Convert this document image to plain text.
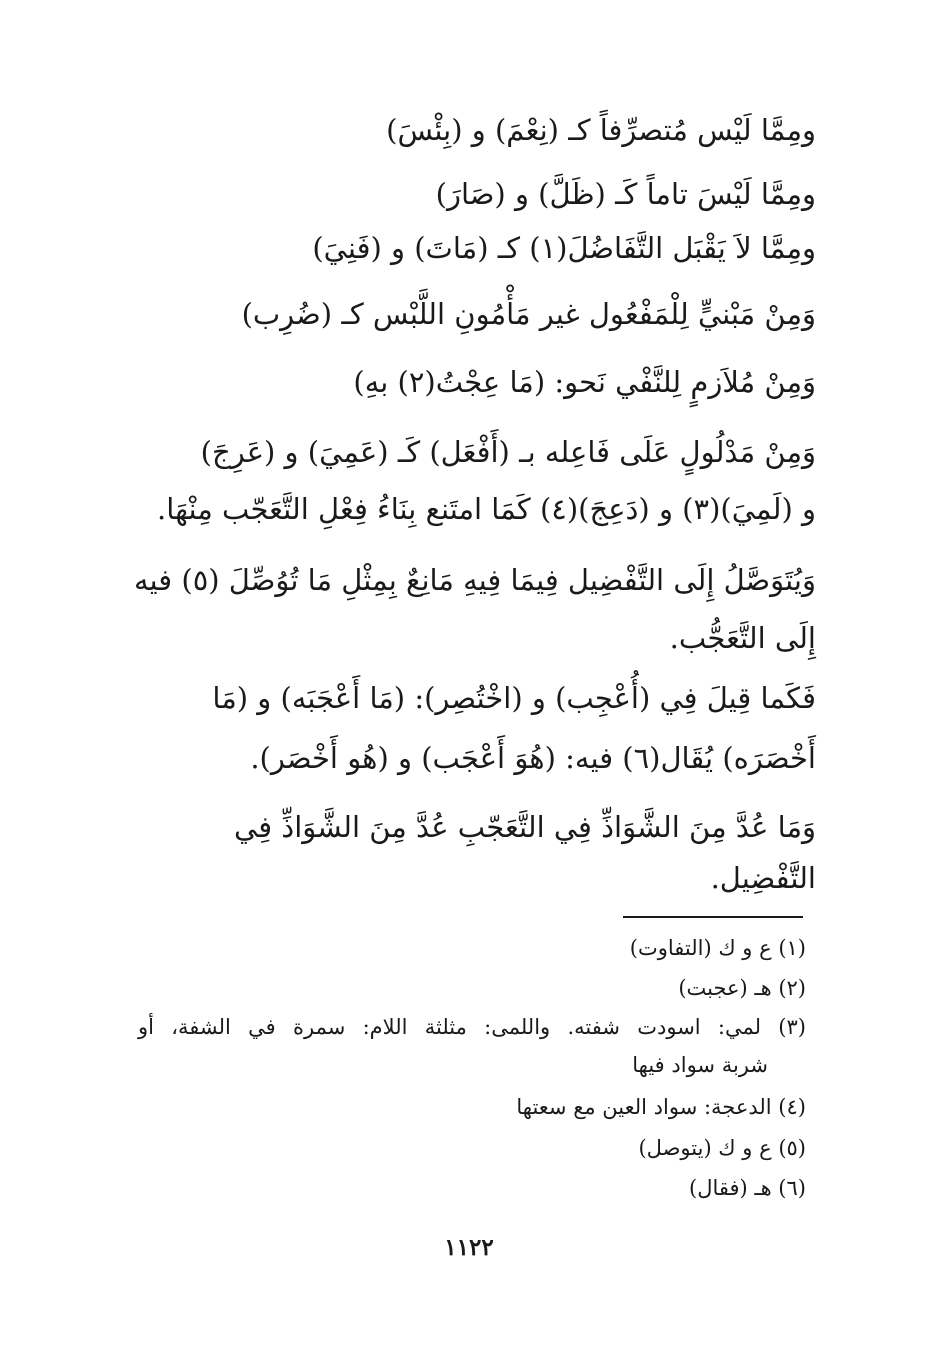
ومِمَّا لَيْس مُتصرِّفاً كـ (نِعْمَ) و (بِئْسَ)
ومِمَّا لَيْسَ تاماً كَـ (ظَلَّ) و (صَارَ)
ومِمَّا لاَ يَقْبَل التَّفَاضُلَ(١) كـ (مَاتَ) و (فَنِيَ)
وَمِنْ مَبْنيٍّ لِلْمَفْعُول غير مَأْمُونِ اللَّبْس كـ (ضُرِب)
وَمِنْ مُلاَزمٍ لِلنَّفْي نَحو: (مَا عِجْتُ(٢) بهِ)
وَمِنْ مَدْلُولٍ عَلَى فَاعِله بـ (أَفْعَل) كَـ (عَمِيَ) و (عَرِجَ)
و (لَمِيَ)(٣) و (دَعِجَ)(٤) كَمَا امتَنع بِنَاءُ فِعْلِ التَّعَجّب مِنْهَا.
وَيُتَوَصَّلُ إِلَى التَّفْضِيل فِيمَا فِيهِ مَانِعٌ بِمِثْلِ مَا تُوُصِّلَ (٥) فيه
إِلَى التَّعَجُّب.
فَكَما قِيلَ فِي (أُعْجِب) و (اخْتُصِر): (مَا أَعْجَبَه) و (مَا
أَخْصَرَه) يُقَال(٦) فيه: (هُوَ أَعْجَب) و (هُو أَخْصَر).
وَمَا عُدَّ مِنَ الشَّوَاذِّ فِي التَّعَجّبِ عُدَّ مِنَ الشَّوَاذِّ فِي
التَّفْضِيل.
(١) ع و ك (التفاوت)
(٢) هـ (عجبت)
(٣) لمي: اسودت شفته. واللمى: مثلثة اللام: سمرة في الشفة، أو
شربة سواد فيها
(٤) الدعجة: سواد العين مع سعتها
(٥) ع و ك (يتوصل)
(٦) هـ (فقال)
١١٢٢
